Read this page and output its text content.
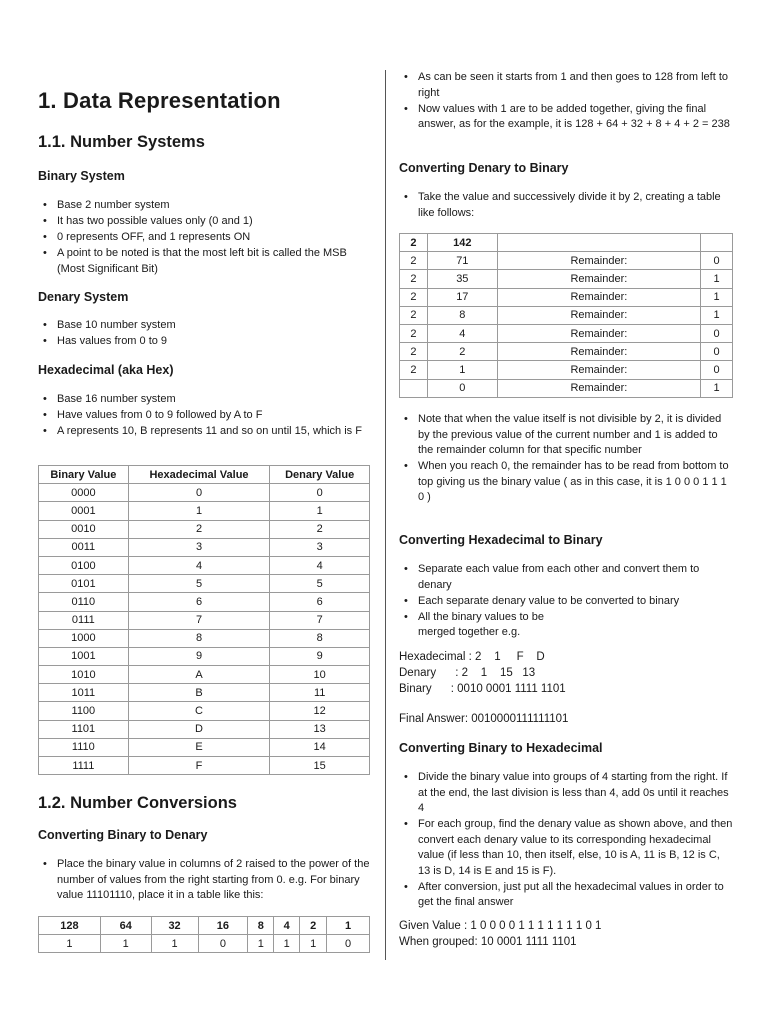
1. Data Representation
1.1. Number Systems
Binary System
• Base 2 number system
• It has two possible values only (0 and 1)
• 0 represents OFF, and 1 represents ON
• A point to be noted is that the most left bit is called the MSB (Most Significant Bit)
Denary System
• Base 10 number system
• Has values from 0 to 9
Hexadecimal (aka Hex)
• Base 16 number system
• Have values from 0 to 9 followed by A to F
• A represents 10, B represents 11 and so on until 15, which is F
Binary Value	Hexadecimal Value	Denary Value
0000	0	0
0001	1	1
0010	2	2
0011	3	3
0100	4	4
0101	5	5
0110	6	6
0111	7	7
1000	8	8
1001	9	9
1010	A	10
1011	B	11
1100	C	12
1101	D	13
1110	E	14
1111	F	15
1.2. Number Conversions
Converting Binary to Denary
• Place the binary value in columns of 2 raised to the power of the number of values from the right starting from 0. e.g. For binary value 11101110, place it in a table like this:
128	64	32	16	8	4	2	1
1	1	1	0	1	1	1	0
• As can be seen it starts from 1 and then goes to 128 from left to right
• Now values with 1 are to be added together, giving the final answer, as for the example, it is 128 + 64 + 32 + 8 + 4 + 2 = 238
Converting Denary to Binary
• Take the value and successively divide it by 2, creating a table like follows:
2	142		
2	71	Remainder:	0
2	35	Remainder:	1
2	17	Remainder:	1
2	8	Remainder:	1
2	4	Remainder:	0
2	2	Remainder:	0
2	1	Remainder:	0
	0	Remainder:	1
• Note that when the value itself is not divisible by 2, it is divided by the previous value of the current number and 1 is added to the remainder column for that specific number
• When you reach 0, the remainder has to be read from bottom to top giving us the binary value ( as in this case, it is 1 0 0 0 1 1 1 0 )
Converting Hexadecimal to Binary
• Separate each value from each other and convert them to denary
• Each separate denary value to be converted to binary
• All the binary values to be merged together e.g.
Hexadecimal : 2    1     F    D
Denary      : 2    1    15   13
Binary      : 0010 0001 1111 1101
Final Answer: 0010000111111101
Converting Binary to Hexadecimal
• Divide the binary value into groups of 4 starting from the right. If at the end, the last division is less than 4, add 0s until it reaches 4
• For each group, find the denary value as shown above, and then convert each denary value to its corresponding hexadecimal value (if less than 10, then itself, else, 10 is A, 11 is B, 12 is C, 13 is D, 14 is E and 15 is F).
• After conversion, just put all the hexadecimal values in order to get the final answer
Given Value : 1 0 0 0 0 1 1 1 1 1 1 1 0 1
When grouped: 10 0001 1111 1101
